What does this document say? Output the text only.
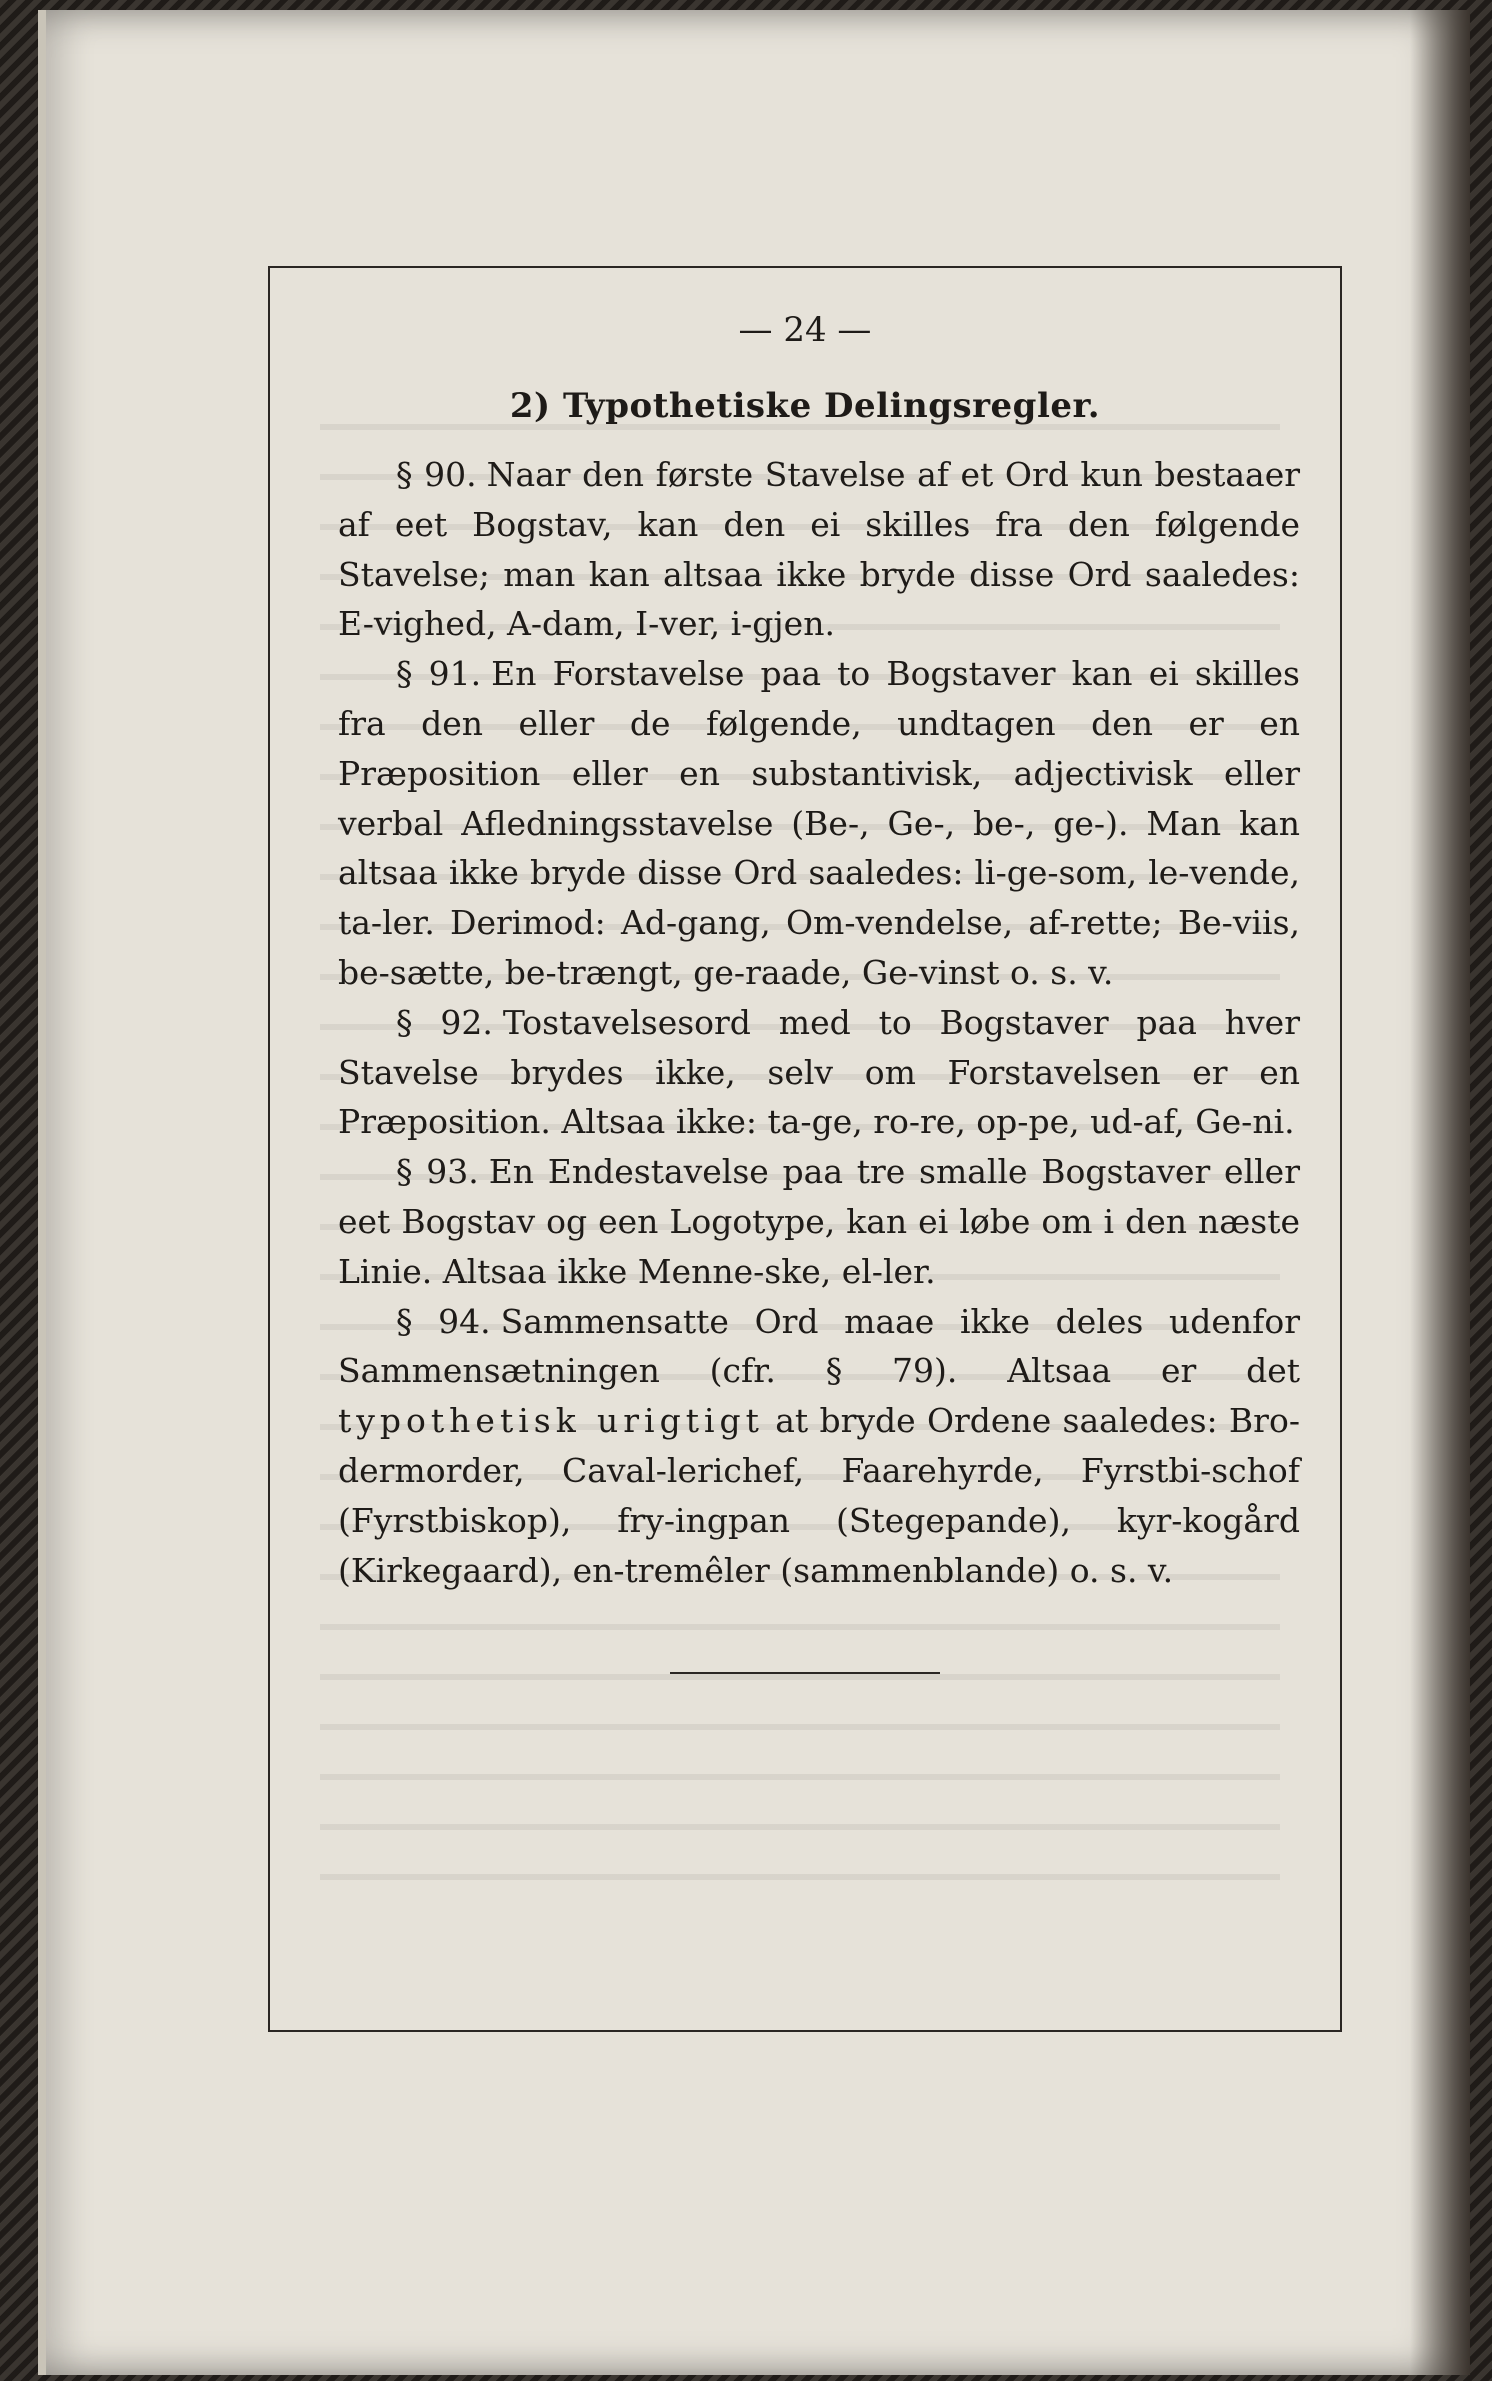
— 24 —
2) Typothetiske Delingsregler.

§ 90. Naar den første Stavelse af et Ord kun bestaaer af eet Bogstav, kan den ei skilles fra den følgende Stavelse; man kan altsaa ikke bryde disse Ord saaledes: E-vighed, A-dam, I-ver, i-gjen.

§ 91. En Forstavelse paa to Bogstaver kan ei skilles fra den eller de følgende, undtagen den er en Præposition eller en substantivisk, adjectivisk eller verbal Afledningsstavelse (Be-, Ge-, be-, ge-). Man kan altsaa ikke bryde disse Ord saaledes: li-ge-som, le-vende, ta-ler. Derimod: Ad-gang, Om-vendelse, af-rette; Be-viis, be-sætte, be-trængt, ge-raade, Ge-vinst o. s. v.

§ 92. Tostavelsesord med to Bogstaver paa hver Stavelse brydes ikke, selv om Forstavelsen er en Præposition. Altsaa ikke: ta-ge, ro-re, op-pe, ud-af, Ge-ni.

§ 93. En Endestavelse paa tre smalle Bogstaver eller eet Bogstav og een Logotype, kan ei løbe om i den næste Linie. Altsaa ikke Menne-ske, el-ler.

§ 94. Sammensatte Ord maae ikke deles udenfor Sammensætningen (cfr. § 79). Altsaa er det typothetisk urigtigt at bryde Ordene saaledes: Bro-dermorder, Caval-lerichef, Faarehyrde, Fyrstbi-schof (Fyrstbiskop), fry-ingpan (Stegepande), kyr-kogård (Kirkegaard), en-tremêler (sammenblande) o. s. v.
